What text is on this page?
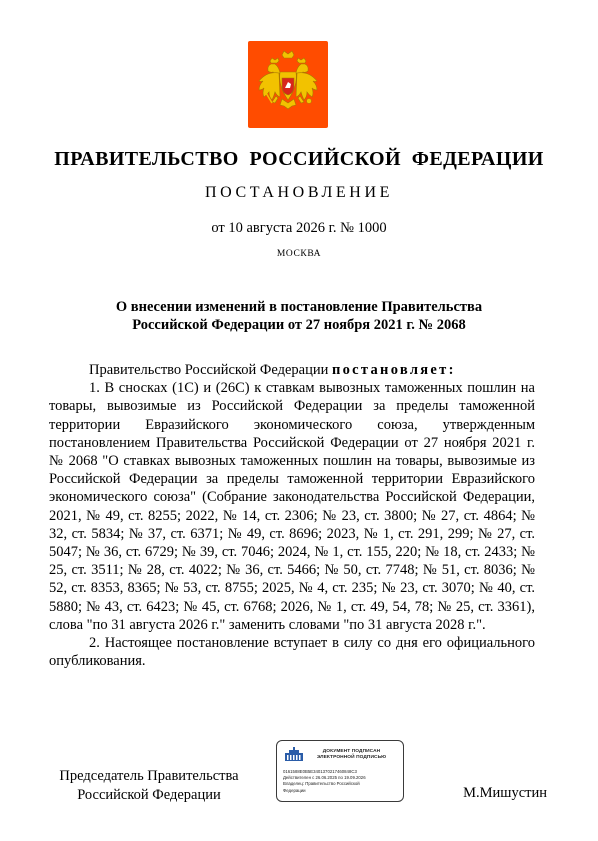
ПРАВИТЕЛЬСТВО  РОССИЙСКОЙ  ФЕДЕРАЦИИ
ПОСТАНОВЛЕНИЕ
от 10 августа 2026 г. № 1000
МОСКВА
О внесении изменений в постановление Правительства
Российской Федерации от 27 ноября 2021 г. № 2068

Правительство Российской Федерации постановляет:

1. В сносках (1С) и (26С) к ставкам вывозных таможенных пошлин на товары, вывозимые из Российской Федерации за пределы таможенной территории Евразийского экономического союза, утвержденным постановлением Правительства Российской Федерации от 27 ноября 2021 г. № 2068 "О ставках вывозных таможенных пошлин на товары, вывозимые из Российской Федерации за пределы таможенной территории Евразийского экономического союза" (Собрание законодательства Российской Федерации, 2021, № 49, ст. 8255; 2022, № 14, ст. 2306; № 23, ст. 3800; № 27, ст. 4864; № 32, ст. 5834; № 37, ст. 6371; № 49, ст. 8696; 2023, № 1, ст. 291, 299; № 27, ст. 5047; № 36, ст. 6729; № 39, ст. 7046; 2024, № 1, ст. 155, 220; № 18, ст. 2433; № 25, ст. 3511; № 28, ст. 4022; № 36, ст. 5466; № 50, ст. 7748; № 51, ст. 8036; № 52, ст. 8353, 8365; № 53, ст. 8755; 2025, № 4, ст. 235; № 23, ст. 3070; № 40, ст. 5880; № 43, ст. 6423; № 45, ст. 6768; 2026, № 1, ст. 49, 54, 78; № 25, ст. 3361), слова "по 31 августа 2026 г." заменить словами "по 31 августа 2028 г.".

2. Настоящее постановление вступает в силу со дня его официального опубликования.

Председатель Правительства
Российской Федерации
ДОКУМЕНТ ПОДПИСАН
ЭЛЕКТРОННОЙ ПОДПИСЬЮ
0161588E0B5E3401370217460848C3
Действителен с 26.06.2025 по 19.09.2026
Владелец: Правительство Российской
Федерации	М.Мишустин
